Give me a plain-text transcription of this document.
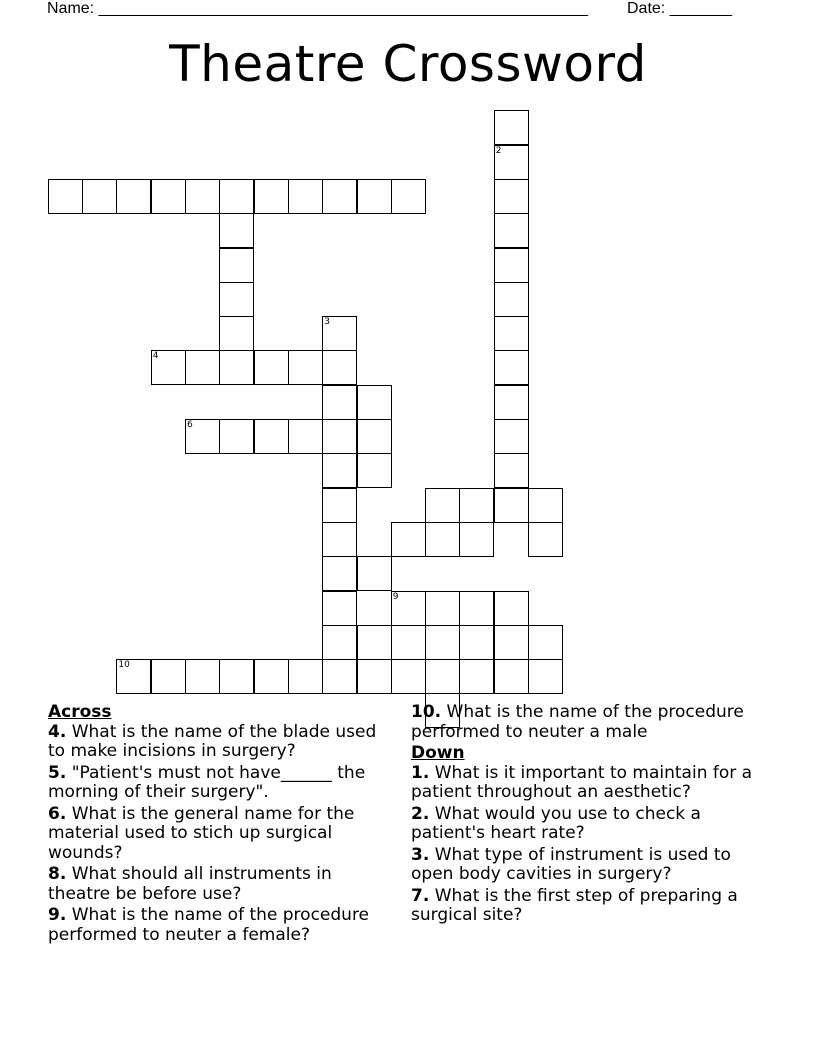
Name: _______________________________________________________ Date: _______
Theatre Crossword
2
3
4
6
9
10
Across
4. What is the name of the blade used to make incisions in surgery?
5. "Patient's must not have______ the morning of their surgery".
6. What is the general name for the material used to stich up surgical wounds?
8. What should all instruments in theatre be before use?
9. What is the name of the procedure performed to neuter a female?
10. What is the name of the procedure performed to neuter a male
Down
1. What is it important to maintain for a patient throughout an aesthetic?
2. What would you use to check a patient's heart rate?
3. What type of instrument is used to open body cavities in surgery?
7. What is the first step of preparing a surgical site?
